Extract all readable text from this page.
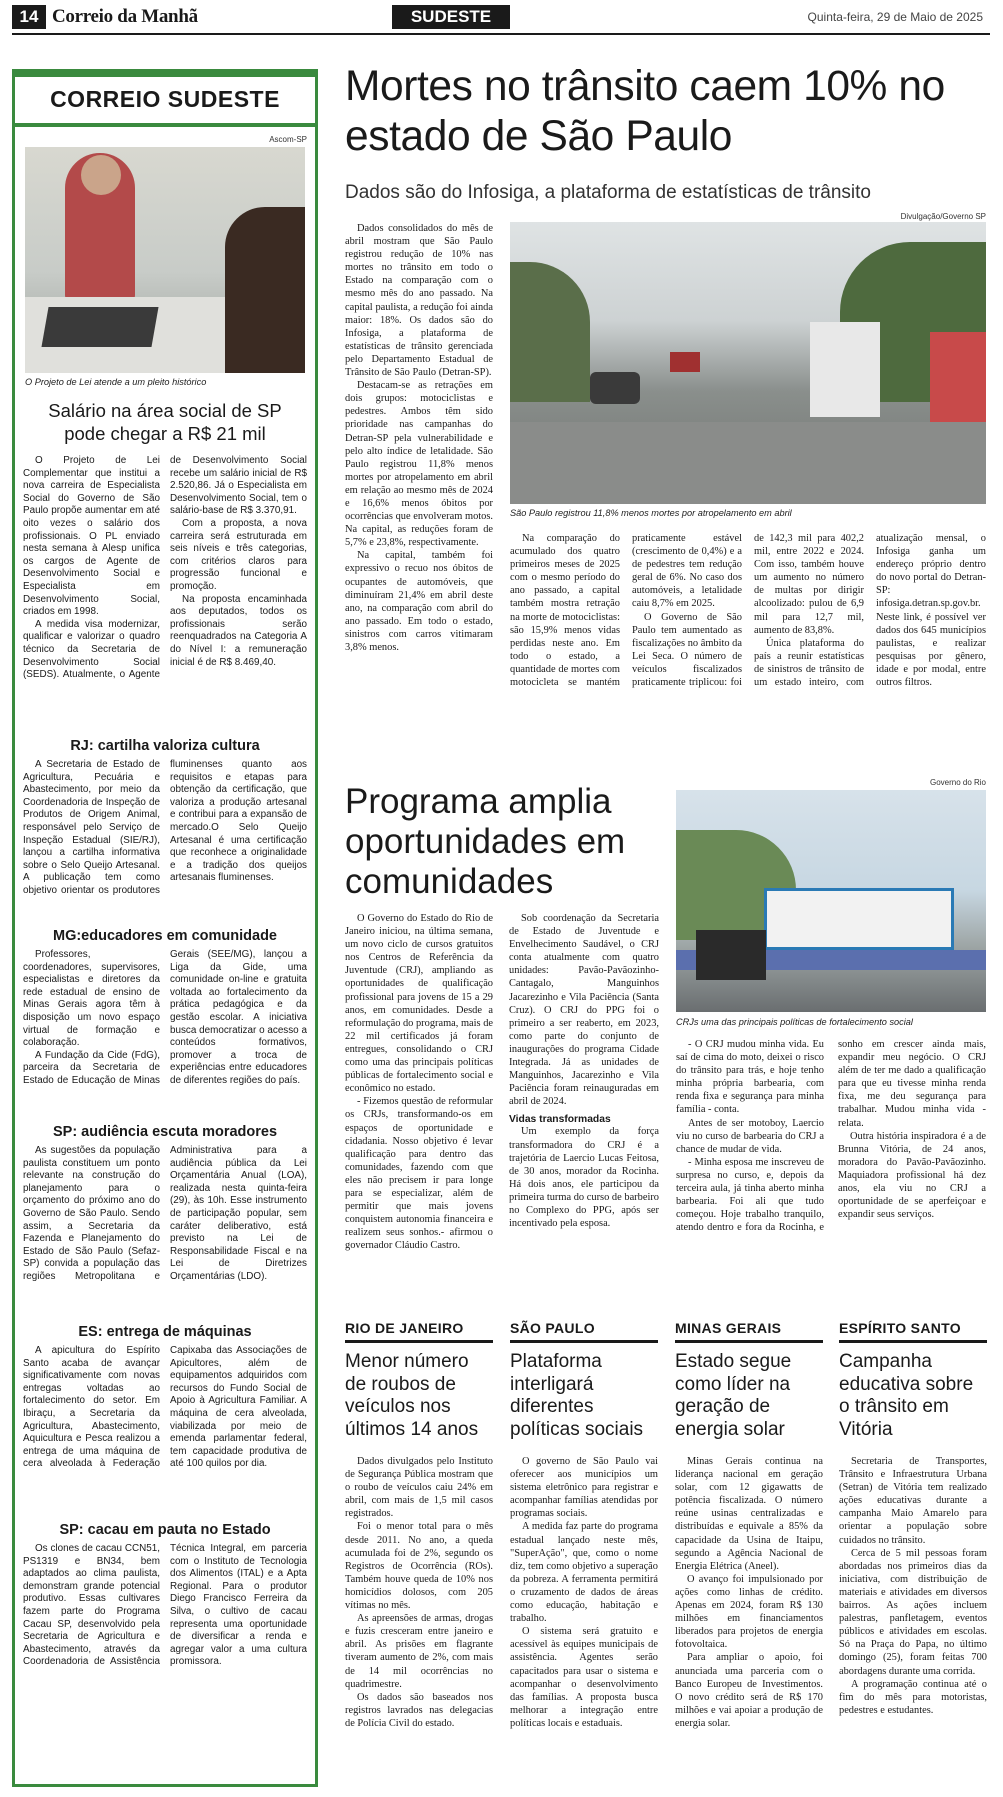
14 Correio da Manhã	SUDESTE	Quinta-feira, 29 de Maio de 2025
CORREIO SUDESTE
Ascom-SP
O Projeto de Lei atende a um pleito histórico
Salário na área social de SP pode chegar a R$ 21 mil

O Projeto de Lei Complementar que institui a nova carreira de Especialista Social do Governo de São Paulo propõe aumentar em até oito vezes o salário dos profissionais. O PL enviado nesta semana à Alesp unifica os cargos de Agente de Desenvolvimento Social e Especialista em Desenvolvimento Social, criados em 1998.

A medida visa modernizar, qualificar e valorizar o quadro técnico da Secretaria de Desenvolvimento Social (SEDS). Atualmente, o Agente de Desenvolvimento Social recebe um salário inicial de R$ 2.520,86. Já o Especialista em Desenvolvimento Social, tem o salário-base de R$ 3.370,91.

Com a proposta, a nova carreira será estruturada em seis níveis e três categorias, com critérios claros para progressão funcional e promoção.

Na proposta encaminhada aos deputados, todos os profissionais serão reenquadrados na Categoria A do Nível I: a remuneração inicial é de R$ 8.469,40.

RJ: cartilha valoriza cultura

A Secretaria de Estado de Agricultura, Pecuária e Abastecimento, por meio da Coordenadoria de Inspeção de Produtos de Origem Animal, responsável pelo Serviço de Inspeção Estadual (SIE/RJ), lançou a cartilha informativa sobre o Selo Queijo Artesanal. A publicação tem como objetivo orientar os produtores fluminenses quanto aos requisitos e etapas para obtenção da certificação, que valoriza a produção artesanal e contribui para a expansão de mercado.O Selo Queijo Artesanal é uma certificação que reconhece a originalidade e a tradição dos queijos artesanais fluminenses.

MG:educadores em comunidade

Professores, coordenadores, supervisores, especialistas e diretores da rede estadual de ensino de Minas Gerais agora têm à disposição um novo espaço virtual de formação e colaboração.

A Fundação da Cide (FdG), parceira da Secretaria de Estado de Educação de Minas Gerais (SEE/MG), lançou a Liga da Gide, uma comunidade on-line e gratuita voltada ao fortalecimento da prática pedagógica e da gestão escolar. A iniciativa busca democratizar o acesso a conteúdos formativos, promover a troca de experiências entre educadores de diferentes regiões do país.

SP: audiência escuta moradores

As sugestões da população paulista constituem um ponto relevante na construção do planejamento para o orçamento do próximo ano do Governo de São Paulo. Sendo assim, a Secretaria da Fazenda e Planejamento do Estado de São Paulo (Sefaz-SP) convida a população das regiões Metropolitana e Administrativa para a audiência pública da Lei Orçamentária Anual (LOA), realizada nesta quinta-feira (29), às 10h. Esse instrumento de participação popular, sem caráter deliberativo, está previsto na Lei de Responsabilidade Fiscal e na Lei de Diretrizes Orçamentárias (LDO).

ES: entrega de máquinas

A apicultura do Espírito Santo acaba de avançar significativamente com novas entregas voltadas ao fortalecimento do setor. Em Ibiraçu, a Secretaria da Agricultura, Abastecimento, Aquicultura e Pesca realizou a entrega de uma máquina de cera alveolada à Federação Capixaba das Associações de Apicultores, além de equipamentos adquiridos com recursos do Fundo Social de Apoio à Agricultura Familiar. A máquina de cera alveolada, viabilizada por meio de emenda parlamentar federal, tem capacidade produtiva de até 100 quilos por dia.

SP: cacau em pauta no Estado

Os clones de cacau CCN51, PS1319 e BN34, bem adaptados ao clima paulista, demonstram grande potencial produtivo. Essas cultivares fazem parte do Programa Cacau SP, desenvolvido pela Secretaria de Agricultura e Abastecimento, através da Coordenadoria de Assistência Técnica Integral, em parceria com o Instituto de Tecnologia dos Alimentos (ITAL) e a Apta Regional. Para o produtor Diego Francisco Ferreira da Silva, o cultivo de cacau representa uma oportunidade de diversificar a renda e agregar valor a uma cultura promissora.

Mortes no trânsito caem 10% no estado de São Paulo
Dados são do Infosiga, a plataforma de estatísticas de trânsito

Dados consolidados do mês de abril mostram que São Paulo registrou redução de 10% nas mortes no trânsito em todo o Estado na comparação com o mesmo mês do ano passado. Na capital paulista, a redução foi ainda maior: 18%. Os dados são do Infosiga, a plataforma de estatísticas de trânsito gerenciada pelo Departamento Estadual de Trânsito de São Paulo (Detran-SP).

Destacam-se as retrações em dois grupos: motociclistas e pedestres. Ambos têm sido prioridade nas campanhas do Detran-SP pela vulnerabilidade e pelo alto índice de letalidade. São Paulo registrou 11,8% menos mortes por atropelamento em abril em relação ao mesmo mês de 2024 e 16,6% menos óbitos por ocorrências que envolveram motos. Na capital, as reduções foram de 5,7% e 23,8%, respectivamente.

Na capital, também foi expressivo o recuo nos óbitos de ocupantes de automóveis, que diminuíram 21,4% em abril deste ano, na comparação com abril do ano passado. Em todo o estado, sinistros com carros vitimaram 3,8% menos.

Divulgação/Governo SP
São Paulo registrou 11,8% menos mortes por atropelamento em abril

Na comparação do acumulado dos quatro primeiros meses de 2025 com o mesmo período do ano passado, a capital também mostra retração na morte de motociclistas: são 15,9% menos vidas perdidas neste ano. Em todo o estado, a quantidade de mortes com motocicleta se mantém praticamente estável (crescimento de 0,4%) e a de pedestres tem redução geral de 6%. No caso dos automóveis, a letalidade caiu 8,7% em 2025.

O Governo de São Paulo tem aumentado as fiscalizações no âmbito da Lei Seca. O número de veículos fiscalizados praticamente triplicou: foi de 142,3 mil para 402,2 mil, entre 2022 e 2024. Com isso, também houve um aumento no número de multas por dirigir alcoolizado: pulou de 6,9 mil para 12,7 mil, aumento de 83,8%.

Única plataforma do país a reunir estatísticas de sinistros de trânsito de um estado inteiro, com atualização mensal, o Infosiga ganha um endereço próprio dentro do novo portal do Detran-SP: infosiga.detran.sp.gov.br. Neste link, é possível ver dados dos 645 municípios paulistas, e realizar pesquisas por gênero, idade e por modal, entre outros filtros.

Programa amplia oportunidades em comunidades
Governo do Rio
CRJs uma das principais políticas de fortalecimento social

O Governo do Estado do Rio de Janeiro iniciou, na última semana, um novo ciclo de cursos gratuitos nos Centros de Referência da Juventude (CRJ), ampliando as oportunidades de qualificação profissional para jovens de 15 a 29 anos, em comunidades. Desde a reformulação do programa, mais de 22 mil certificados já foram entregues, consolidando o CRJ como uma das principais políticas públicas de fortalecimento social e econômico no estado.

- Fizemos questão de reformular os CRJs, transformando-os em espaços de oportunidade e cidadania. Nosso objetivo é levar qualificação para dentro das comunidades, fazendo com que eles não precisem ir para longe para se especializar, além de permitir que mais jovens conquistem autonomia financeira e realizem seus sonhos.- afirmou o governador Cláudio Castro.

Sob coordenação da Secretaria de Estado de Juventude e Envelhecimento Saudável, o CRJ conta atualmente com quatro unidades: Pavão-Pavãozinho-Cantagalo, Manguinhos Jacarezinho e Vila Paciência (Santa Cruz). O CRJ do PPG foi o primeiro a ser reaberto, em 2023, como parte do conjunto de inaugurações do programa Cidade Integrada. Já as unidades de Manguinhos, Jacarezinho e Vila Paciência foram reinauguradas em abril de 2024.

Vidas transformadas

Um exemplo da força transformadora do CRJ é a trajetória de Laercio Lucas Feitosa, de 30 anos, morador da Rocinha. Há dois anos, ele participou da primeira turma do curso de barbeiro no Complexo do PPG, após ser incentivado pela esposa.

- O CRJ mudou minha vida. Eu saí de cima do moto, deixei o risco do trânsito para trás, e hoje tenho minha própria barbearia, com renda fixa e segurança para minha família - conta.

Antes de ser motoboy, Laercio viu no curso de barbearia do CRJ a chance de mudar de vida.

- Minha esposa me inscreveu de surpresa no curso, e, depois da terceira aula, já tinha aberto minha barbearia. Foi ali que tudo começou. Hoje trabalho tranquilo, atendo dentro e fora da Rocinha, e sonho em crescer ainda mais, expandir meu negócio. O CRJ além de ter me dado a qualificação para que eu tivesse minha renda fixa, me deu segurança para trabalhar. Mudou minha vida - relata.

Outra história inspiradora é a de Brunna Vitória, de 24 anos, moradora do Pavão-Pavãozinho. Maquiadora profissional há dez anos, ela viu no CRJ a oportunidade de se aperfeiçoar e expandir seus serviços.

RIO DE JANEIRO
Menor número de roubos de veículos nos últimos 14 anos

Dados divulgados pelo Instituto de Segurança Pública mostram que o roubo de veículos caiu 24% em abril, com mais de 1,5 mil casos registrados.

Foi o menor total para o mês desde 2011. No ano, a queda acumulada foi de 2%, segundo os Registros de Ocorrência (ROs). Também houve queda de 10% nos homicídios dolosos, com 205 vítimas no mês.

As apreensões de armas, drogas e fuzis cresceram entre janeiro e abril. As prisões em flagrante tiveram aumento de 2%, com mais de 14 mil ocorrências no quadrimestre.

Os dados são baseados nos registros lavrados nas delegacias de Polícia Civil do estado.

SÃO PAULO
Plataforma interligará diferentes políticas sociais

O governo de São Paulo vai oferecer aos municípios um sistema eletrônico para registrar e acompanhar famílias atendidas por programas sociais.

A medida faz parte do programa estadual lançado neste mês, "SuperAção", que, como o nome diz, tem como objetivo a superação da pobreza. A ferramenta permitirá o cruzamento de dados de áreas como educação, habitação e trabalho.

O sistema será gratuito e acessível às equipes municipais de assistência. Agentes serão capacitados para usar o sistema e acompanhar o desenvolvimento das famílias. A proposta busca melhorar a integração entre políticas locais e estaduais.

MINAS GERAIS
Estado segue como líder na geração de energia solar

Minas Gerais continua na liderança nacional em geração solar, com 12 gigawatts de potência fiscalizada. O número reúne usinas centralizadas e distribuídas e equivale a 85% da capacidade da Usina de Itaipu, segundo a Agência Nacional de Energia Elétrica (Aneel).

O avanço foi impulsionado por ações como linhas de crédito. Apenas em 2024, foram R$ 130 milhões em financiamentos liberados para projetos de energia fotovoltaica.

Para ampliar o apoio, foi anunciada uma parceria com o Banco Europeu de Investimentos. O novo crédito será de R$ 170 milhões e vai apoiar a produção de energia solar.

ESPÍRITO SANTO
Campanha educativa sobre o trânsito em Vitória

Secretaria de Transportes, Trânsito e Infraestrutura Urbana (Setran) de Vitória tem realizado ações educativas durante a campanha Maio Amarelo para orientar a população sobre cuidados no trânsito.

Cerca de 5 mil pessoas foram abordadas nos primeiros dias da iniciativa, com distribuição de materiais e atividades em diversos bairros. As ações incluem palestras, panfletagem, eventos públicos e atividades em escolas. Só na Praça do Papa, no último domingo (25), foram feitas 700 abordagens durante uma corrida.

A programação continua até o fim do mês para motoristas, pedestres e estudantes.
